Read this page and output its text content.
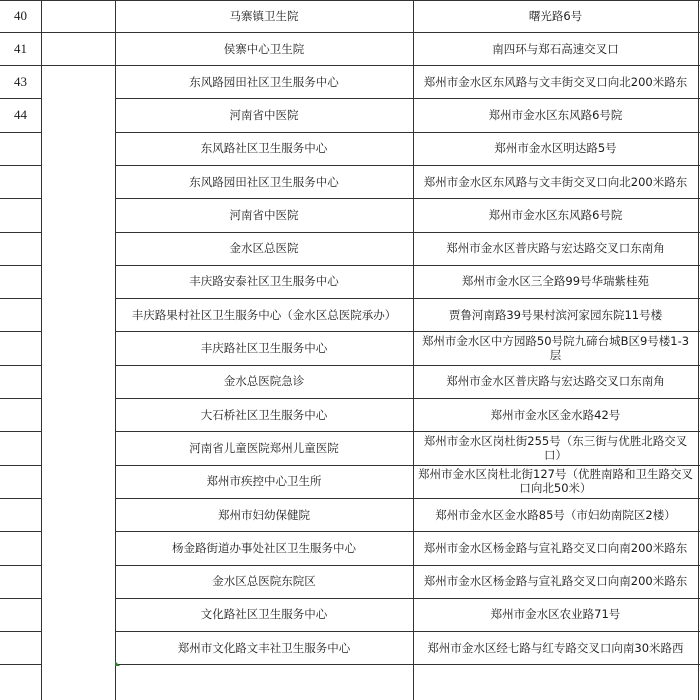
40	马寨镇卫生院	曙光路6号
41	侯寨中心卫生院	南四环与郑石高速交叉口
43	东风路园田社区卫生服务中心	郑州市金水区东风路与文丰街交叉口向北200米路东
44	河南省中医院	郑州市金水区东风路6号院
东风路社区卫生服务中心	郑州市金水区明达路5号
东风路园田社区卫生服务中心	郑州市金水区东风路与文丰街交叉口向北200米路东
河南省中医院	郑州市金水区东风路6号院
金水区总医院	郑州市金水区普庆路与宏达路交叉口东南角
丰庆路安泰社区卫生服务中心	郑州市金水区三全路99号华瑞紫桂苑
丰庆路果村社区卫生服务中心（金水区总医院承办）	贾鲁河南路39号果村滨河家园东院11号楼
丰庆路社区卫生服务中心	郑州市金水区中方园路50号院九碲台城B区9号楼1-3层
金水总医院急诊	郑州市金水区普庆路与宏达路交叉口东南角
大石桥社区卫生服务中心	郑州市金水区金水路42号
河南省儿童医院郑州儿童医院	郑州市金水区岗杜街255号（东三街与优胜北路交叉口）
郑州市疾控中心卫生所	郑州市金水区岗杜北街127号（优胜南路和卫生路交叉口向北50米）
郑州市妇幼保健院	郑州市金水区金水路85号（市妇幼南院区2楼）
杨金路街道办事处社区卫生服务中心	郑州市金水区杨金路与宣礼路交叉口向南200米路东
金水区总医院东院区	郑州市金水区杨金路与宣礼路交叉口向南200米路东
文化路社区卫生服务中心	郑州市金水区农业路71号
郑州市文化路文丰社卫生服务中心	郑州市金水区经七路与红专路交叉口向南30米路西
